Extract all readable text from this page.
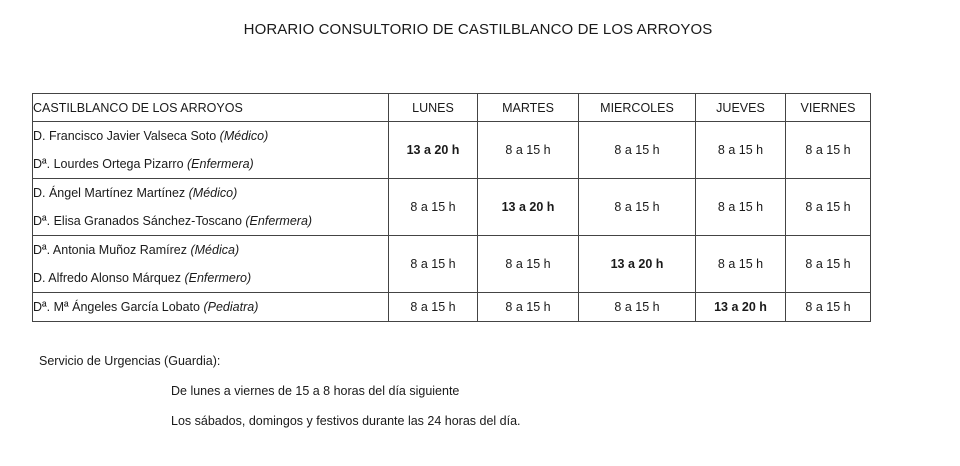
HORARIO CONSULTORIO DE CASTILBLANCO DE LOS ARROYOS
CASTILBLANCO DE LOS ARROYOS	LUNES	MARTES	MIERCOLES	JUEVES	VIERNES

D. Francisco Javier Valseca Soto (Médico)
Dª. Lourdes Ortega Pizarro (Enfermera)	13 a 20 h	8 a 15 h	8 a 15 h	8 a 15 h	8 a 15 h

D. Ángel Martínez Martínez (Médico)
Dª. Elisa Granados Sánchez-Toscano (Enfermera)	8 a 15 h	13 a 20 h	8 a 15 h	8 a 15 h	8 a 15 h

Dª. Antonia Muñoz Ramírez (Médica)
D. Alfredo Alonso Márquez (Enfermero)	8 a 15 h	8 a 15 h	13 a 20 h	8 a 15 h	8 a 15 h

Dª. Mª Ángeles García Lobato (Pediatra)	8 a 15 h	8 a 15 h	8 a 15 h	13 a 20 h	8 a 15 h
Servicio de Urgencias (Guardia):
De lunes a viernes de 15 a 8 horas del día siguiente
Los sábados, domingos y festivos durante las 24 horas del día.
